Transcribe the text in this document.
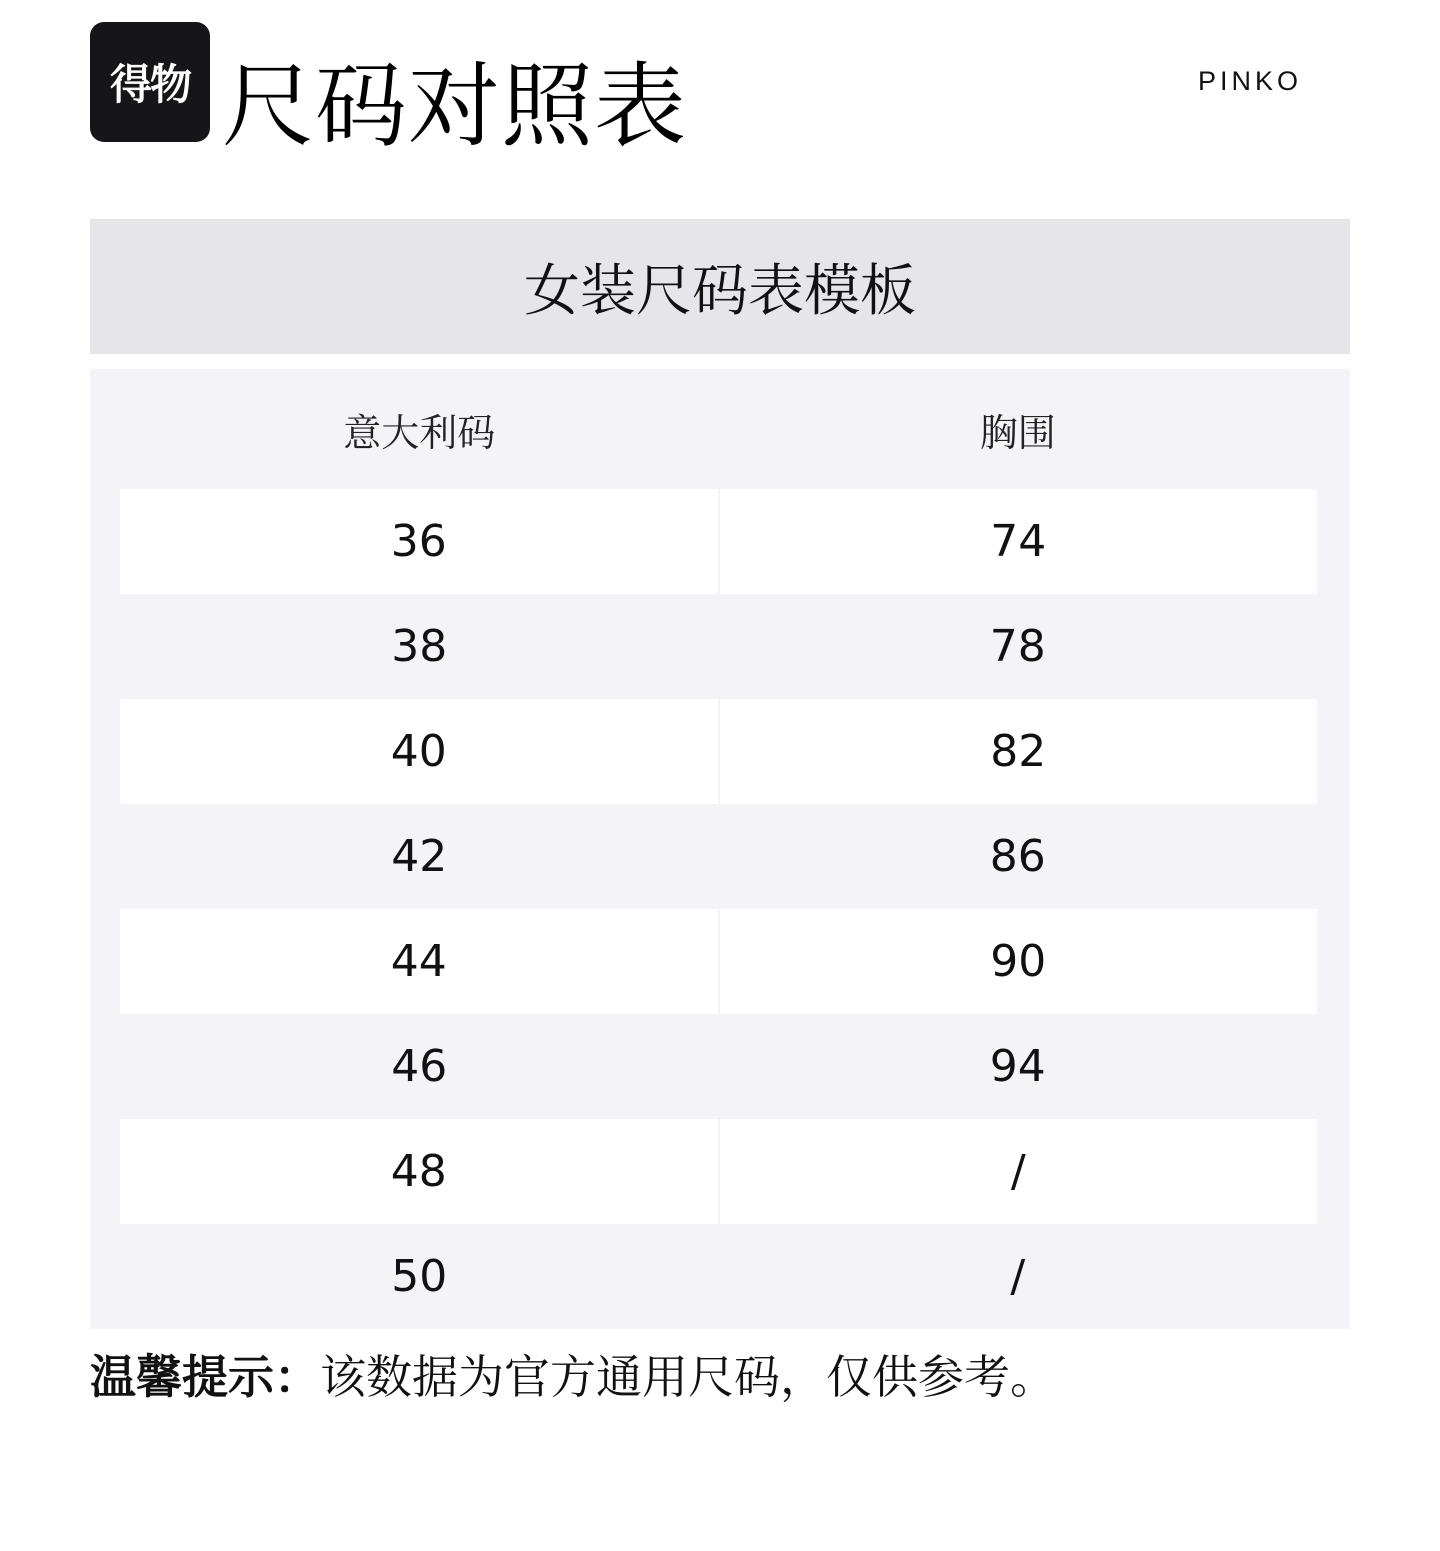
得物 尺码对照表	PINKO
女装尺码表模板
意大利码	胸围
36	74
38	78
40	82
42	86
44	90
46	94
48	/
50	/
温馨提示：该数据为官方通用尺码，仅供参考。
